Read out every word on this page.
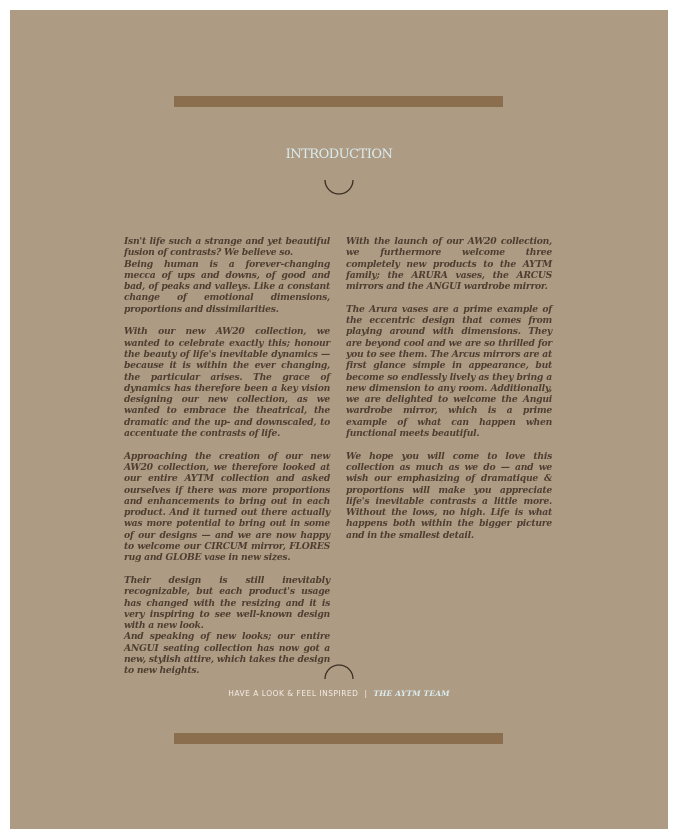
INTRODUCTION

Isn't life such a strange and yet beautiful fusion of contrasts? We believe so.
Being human is a forever-changing mecca of ups and downs, of good and bad, of peaks and valleys. Like a constant change of emotional dimensions, proportions and dissimilarities.

With our new AW20 collection, we wanted to celebrate exactly this; honour the beauty of life's inevitable dynamics — because it is within the ever changing, the particular arises. The grace of dynamics has therefore been a key vision designing our new collection, as we wanted to embrace the theatrical, the dramatic and the up- and downscaled, to accentuate the contrasts of life.

Approaching the creation of our new AW20 collection, we therefore looked at our entire AYTM collection and asked ourselves if there was more proportions and enhancements to bring out in each product. And it turned out there actually was more potential to bring out in some of our designs — and we are now happy to welcome our CIRCUM mirror, FLORES rug and GLOBE vase in new sizes.

Their design is still inevitably recognizable, but each product's usage has changed with the resizing and it is very inspiring to see well-known design with a new look.
And speaking of new looks; our entire ANGUI seating collection has now got a new, stylish attire, which takes the design to new heights.

With the launch of our AW20 collection, we furthermore welcome three completely new products to the AYTM family; the ARURA vases, the ARCUS mirrors and the ANGUI wardrobe mirror.

The Arura vases are a prime example of the eccentric design that comes from playing around with dimensions. They are beyond cool and we are so thrilled for you to see them. The Arcus mirrors are at first glance simple in appearance, but become so endlessly lively as they bring a new dimension to any room. Additionally, we are delighted to welcome the Angui wardrobe mirror, which is a prime example of what can happen when functional meets beautiful.

We hope you will come to love this collection as much as we do — and we wish our emphasizing of dramatique & proportions will make you appreciate life's inevitable contrasts a little more. Without the lows, no high. Life is what happens both within the bigger picture and in the smallest detail.

HAVE A LOOK & FEEL INSPIRED | THE AYTM TEAM
